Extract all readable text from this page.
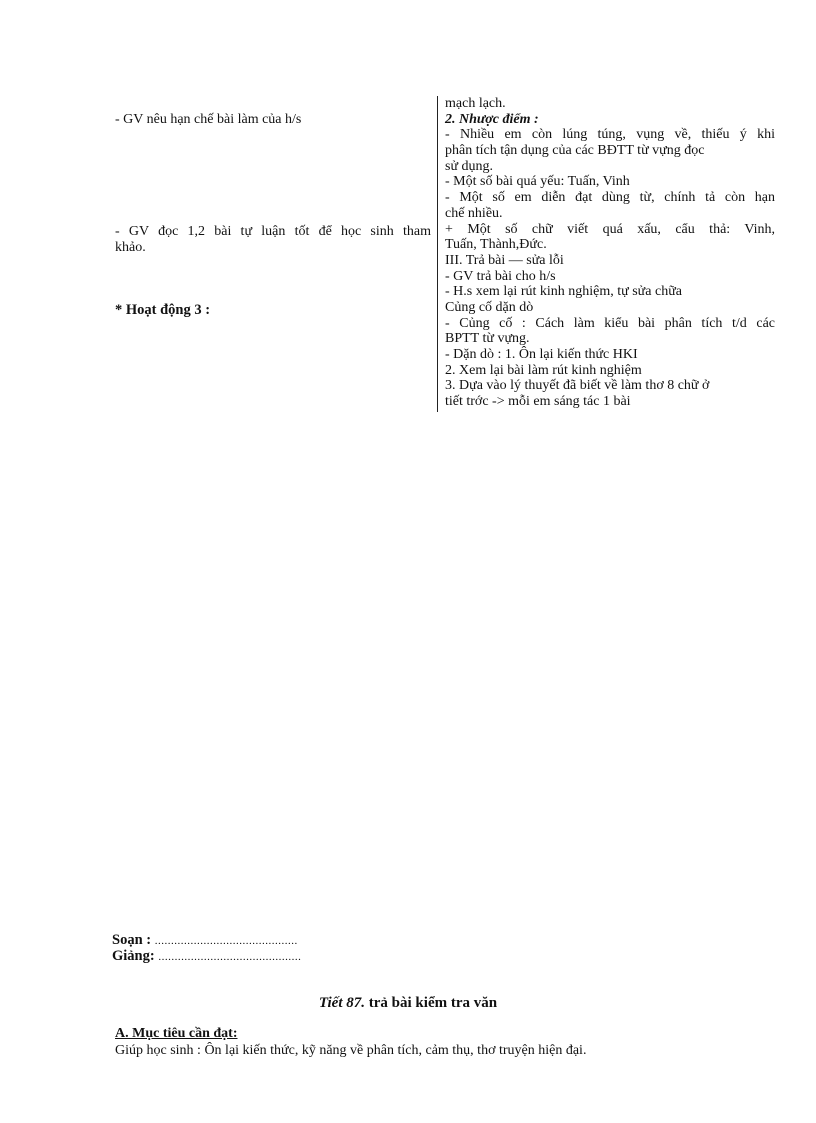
- GV nêu hạn chế bài làm của h/s
- GV đọc 1,2 bài tự luận tốt để học sinh tham
khảo.
* Hoạt động 3 :
mạch lạch.
2. Nhược điểm :
- Nhiều em còn lúng túng, vụng về, thiếu ý khi
phân tích tận dụng của các BĐTT từ vựng đọc
sử dụng.
- Một số bài quá yếu: Tuấn, Vinh
- Một số em diễn đạt dùng từ, chính tả còn hạn
chế nhiều.
+ Một số chữ viết quá xấu, cẩu thả: Vinh,
Tuấn, Thành,Đức.
III. Trả bài — sửa lỗi
- GV trả bài cho h/s
- H.s xem lại rút kinh nghiệm, tự sửa chữa
Củng cố dặn dò
- Củng cố : Cách làm kiểu bài phân tích t/d các
BPTT từ vựng.
- Dặn dò : 1. Ôn lại kiến thức HKI
2. Xem lại bài làm rút kinh nghiệm
3. Dựa vào lý thuyết đã biết về làm thơ 8 chữ ở
tiết trớc -> mỗi em sáng tác 1 bài
Soạn : ............................................
Giảng: ............................................
Tiết 87. trả bài kiểm tra văn
A. Mục tiêu cần đạt:
Giúp học sinh : Ôn lại kiến thức, kỹ năng về phân tích, cảm thụ, thơ truyện hiện đại.
